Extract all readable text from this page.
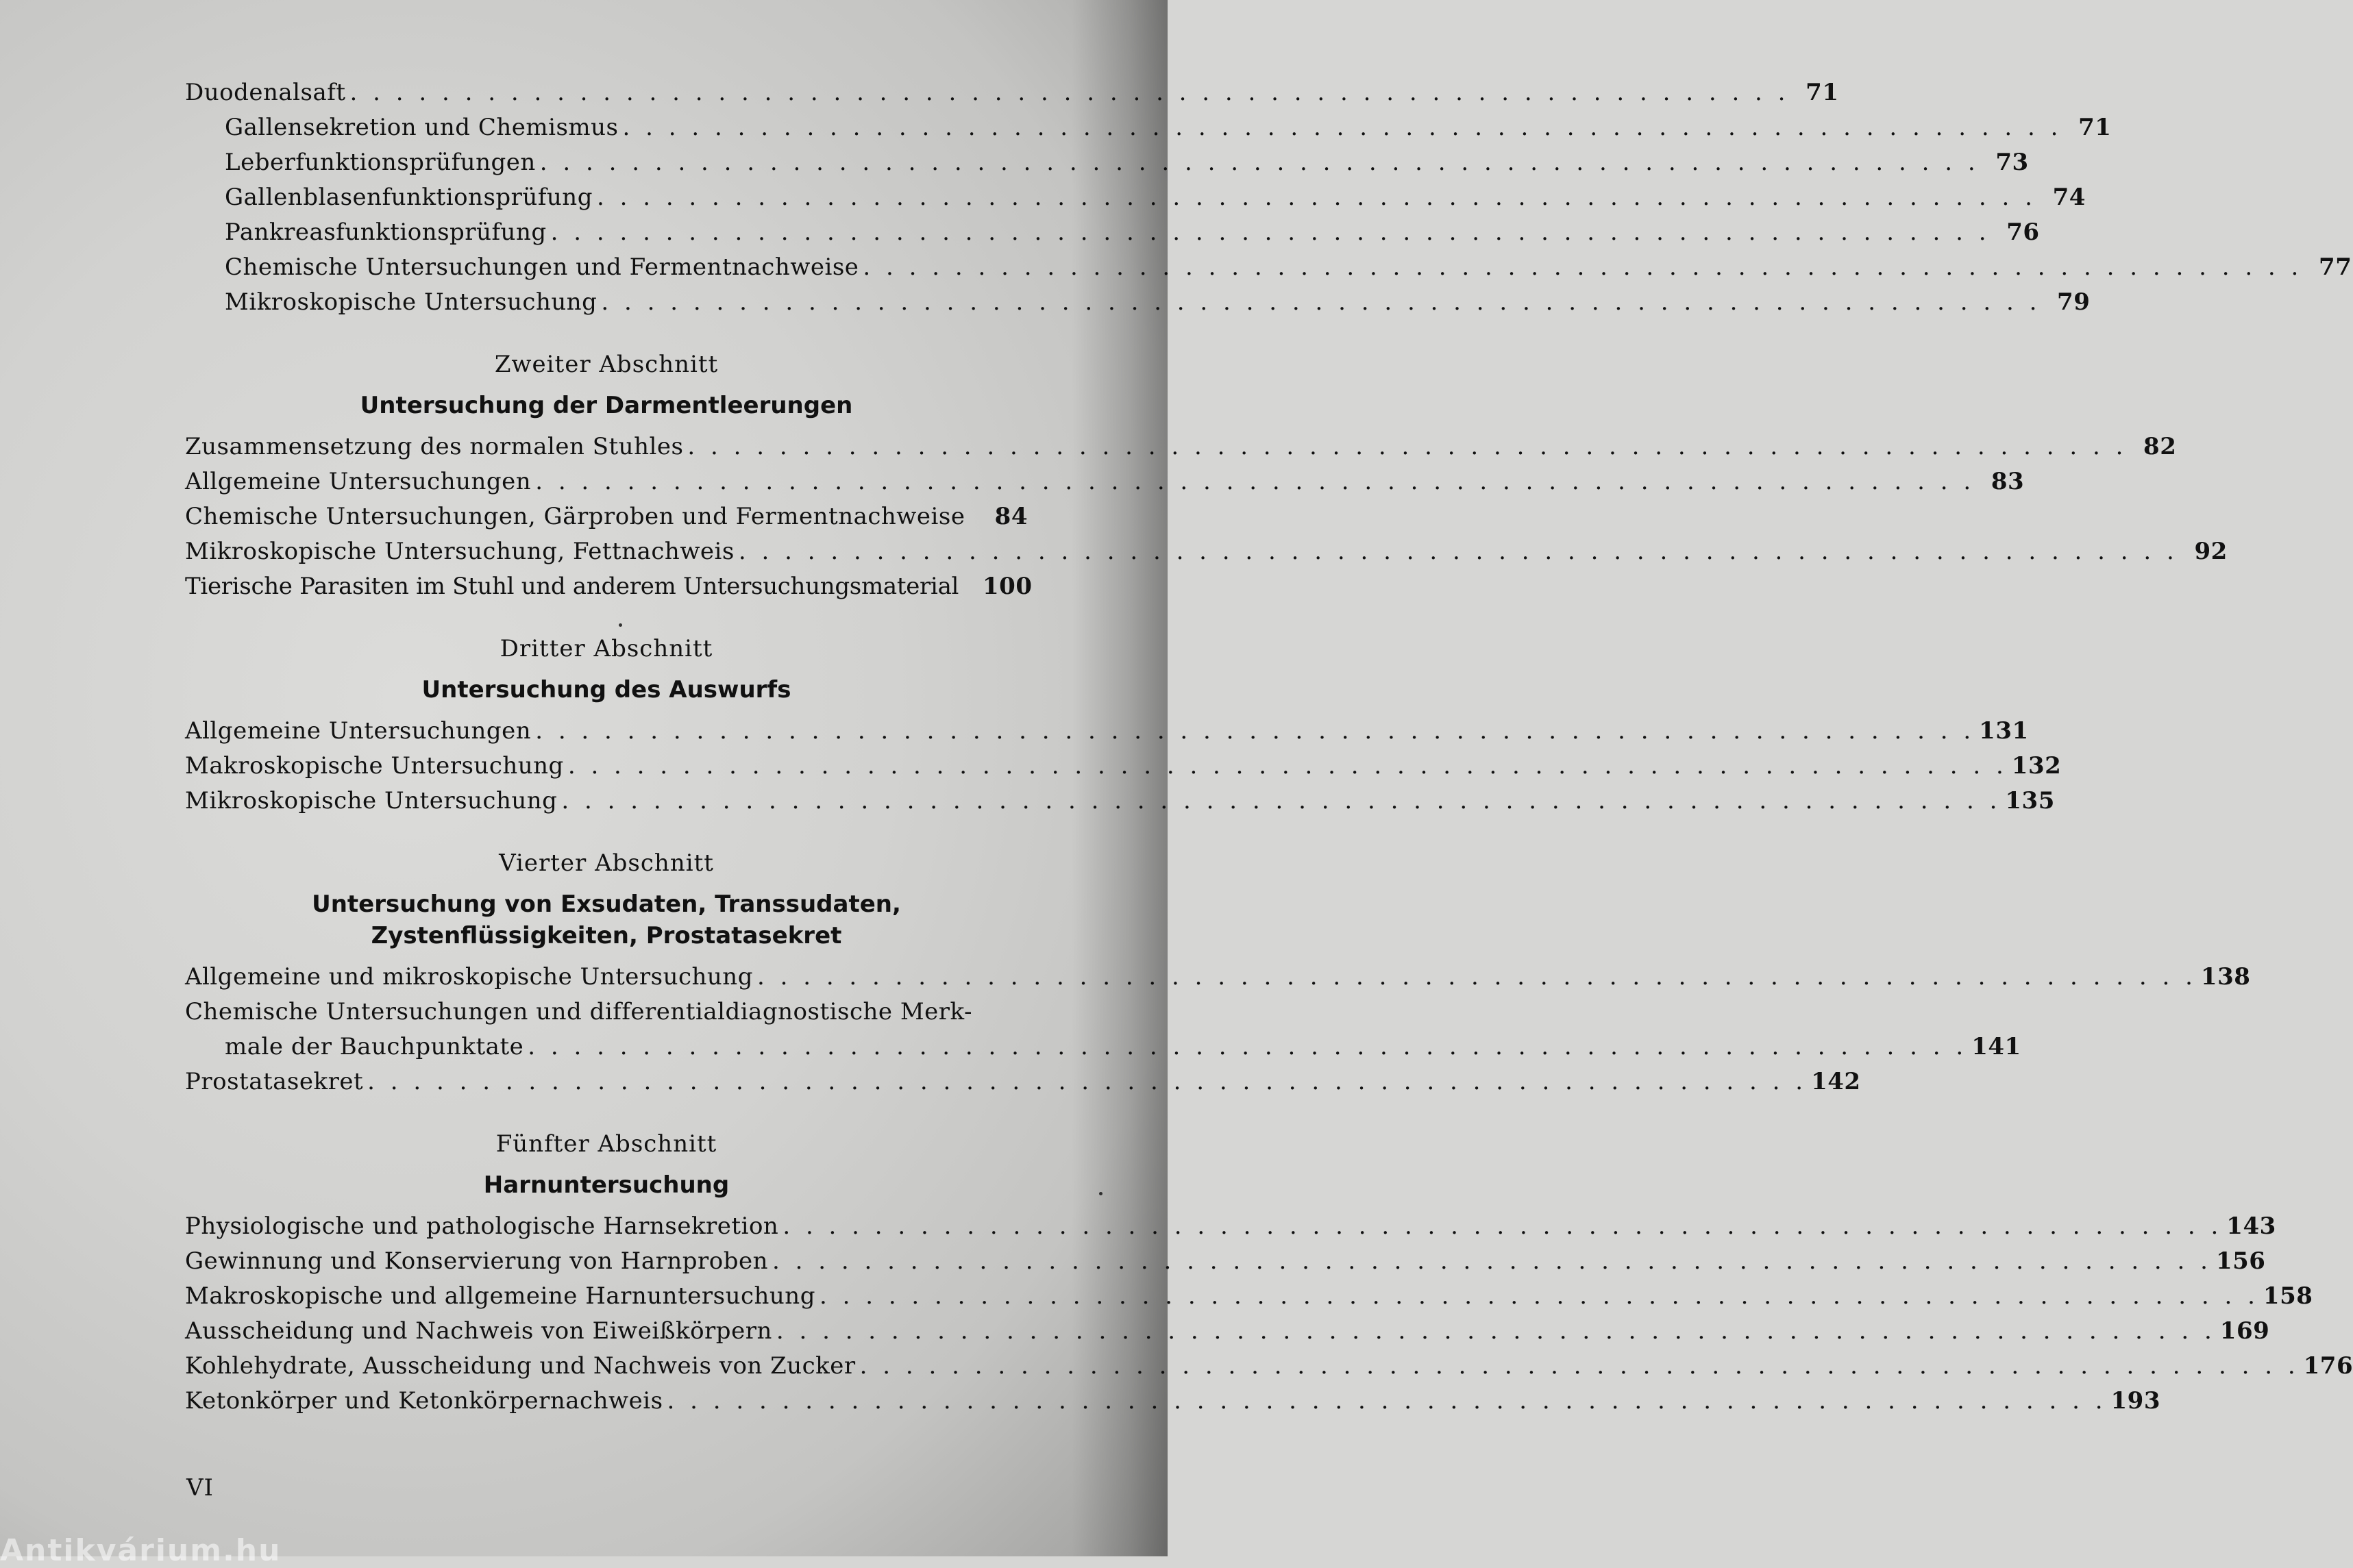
Duodenalsaft . . .	71
Gallensekretion und Chemismus . . .	71
Leberfunktionsprüfungen . . .	73
Gallenblasenfunktionsprüfung . . .	74
Pankreasfunktionsprüfung . . .	76
Chemische Untersuchungen und Fermentnachweise . . .	77
Mikroskopische Untersuchung . . .	79
Zweiter Abschnitt
Untersuchung der Darmentleerungen
Zusammensetzung des normalen Stuhles . . .	82
Allgemeine Untersuchungen . . .	83
Chemische Untersuchungen, Gärproben und Fermentnachweise	84
Mikroskopische Untersuchung, Fettnachweis . . .	92
Tierische Parasiten im Stuhl und anderem Untersuchungsmaterial	100
Dritter Abschnitt
Untersuchung des Auswurfs
Allgemeine Untersuchungen . . .	131
Makroskopische Untersuchung . . .	132
Mikroskopische Untersuchung . . .	135
Vierter Abschnitt
Untersuchung von Exsudaten, Transsudaten, Zystenflüssigkeiten, Prostatasekret
Allgemeine und mikroskopische Untersuchung . . .	138
Chemische Untersuchungen und differentialdiagnostische Merk-
male der Bauchpunktate . . .	141
Prostatasekret . . .	142
Fünfter Abschnitt
Harnuntersuchung
Physiologische und pathologische Harnsekretion . . .	143
Gewinnung und Konservierung von Harnproben . . .	156
Makroskopische und allgemeine Harnuntersuchung . . .	158
Ausscheidung und Nachweis von Eiweißkörpern . . .	169
Kohlehydrate, Ausscheidung und Nachweis von Zucker . . .	176
Ketonkörper und Ketonkörpernachweis . . .	193
VI
Antikvárium.hu
